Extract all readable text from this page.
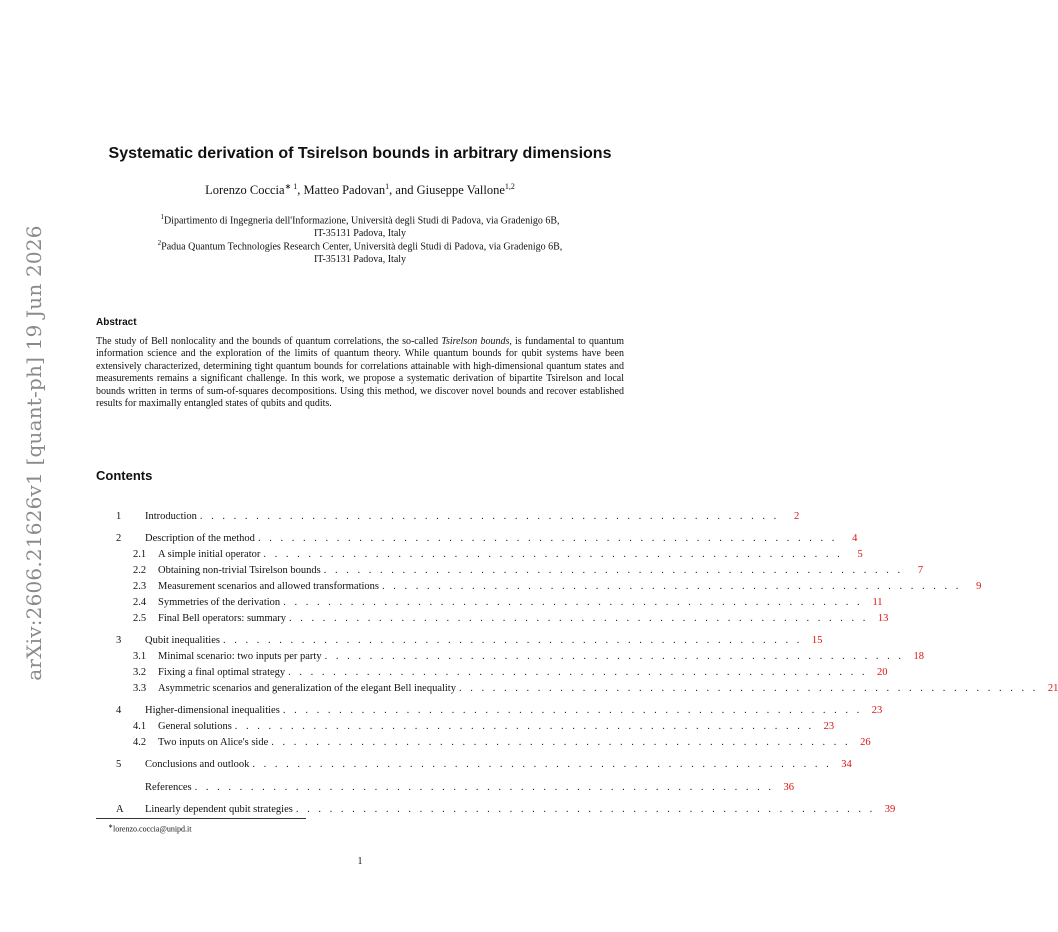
arXiv:2606.21626v1 [quant-ph] 19 Jun 2026
Systematic derivation of Tsirelson bounds in arbitrary dimensions
Lorenzo Coccia$^{∗ 1}$, Matteo Padovan$^1$, and Giuseppe Vallone$^{1,2}$
$^1$Dipartimento di Ingegneria dell'Informazione, Università degli Studi di Padova, via Gradenigo 6B,
IT-35131 Padova, Italy
$^2$Padua Quantum Technologies Research Center, Università degli Studi di Padova, via Gradenigo 6B,
IT-35131 Padova, Italy
Abstract
The study of Bell nonlocality and the bounds of quantum correlations, the so-called Tsirelson bounds, is fundamental to quantum information science and the exploration of the limits of quantum theory. While quantum bounds for qubit systems have been extensively characterized, determining tight quantum bounds for correlations attainable with high-dimensional quantum states and measurements remains a significant challenge. In this work, we propose a systematic derivation of bipartite Tsirelson and local bounds written in terms of sum-of-squares decompositions. Using this method, we discover novel bounds and recover established results for maximally entangled states of qubits and qudits.
Contents
1	Introduction . . . . . . . . . . . . . . . . . . . . . . . . . . . . . . . . . . . . . . . . . . . . . . . . . . . .	2
2	Description of the method . . . . . . . . . . . . . . . . . . . . . . . . . . . . . . . . . . . . . . . . . . . . . . . . . . . .	4
2.1	A simple initial operator . . . . . . . . . . . . . . . . . . . . . . . . . . . . . . . . . . . . . . . . . . . . . . . . . . . .	5
2.2	Obtaining non-trivial Tsirelson bounds . . . . . . . . . . . . . . . . . . . . . . . . . . . . . . . . . . . . . . . . . . . . . . . . . . . .	7
2.3	Measurement scenarios and allowed transformations . . . . . . . . . . . . . . . . . . . . . . . . . . . . . . . . . . . . . . . . . . . . . . . . . . . .	9
2.4	Symmetries of the derivation . . . . . . . . . . . . . . . . . . . . . . . . . . . . . . . . . . . . . . . . . . . . . . . . . . . . 11
2.5	Final Bell operators: summary . . . . . . . . . . . . . . . . . . . . . . . . . . . . . . . . . . . . . . . . . . . . . . . . . . . . 13
3	Qubit inequalities . . . . . . . . . . . . . . . . . . . . . . . . . . . . . . . . . . . . . . . . . . . . . . . . . . . . 15
3.1	Minimal scenario: two inputs per party . . . . . . . . . . . . . . . . . . . . . . . . . . . . . . . . . . . . . . . . . . . . . . . . . . . . 18
3.2	Fixing a final optimal strategy . . . . . . . . . . . . . . . . . . . . . . . . . . . . . . . . . . . . . . . . . . . . . . . . . . . . 20
3.3	Asymmetric scenarios and generalization of the elegant Bell inequality . . . . . . . . . . . . . . . . . . . . . . . . . . . . . . . . . . . . . . . . . . . . . . . . . . . . 21
4	Higher-dimensional inequalities . . . . . . . . . . . . . . . . . . . . . . . . . . . . . . . . . . . . . . . . . . . . . . . . . . . . 23
4.1	General solutions . . . . . . . . . . . . . . . . . . . . . . . . . . . . . . . . . . . . . . . . . . . . . . . . . . . . 23
4.2	Two inputs on Alice's side . . . . . . . . . . . . . . . . . . . . . . . . . . . . . . . . . . . . . . . . . . . . . . . . . . . . 26
5	Conclusions and outlook . . . . . . . . . . . . . . . . . . . . . . . . . . . . . . . . . . . . . . . . . . . . . . . . . . . . 34
References . . . . . . . . . . . . . . . . . . . . . . . . . . . . . . . . . . . . . . . . . . . . . . . . . . . . 36
A	Linearly dependent qubit strategies . . . . . . . . . . . . . . . . . . . . . . . . . . . . . . . . . . . . . . . . . . . . . . . . . . . . 39
∗lorenzo.coccia@unipd.it
1
